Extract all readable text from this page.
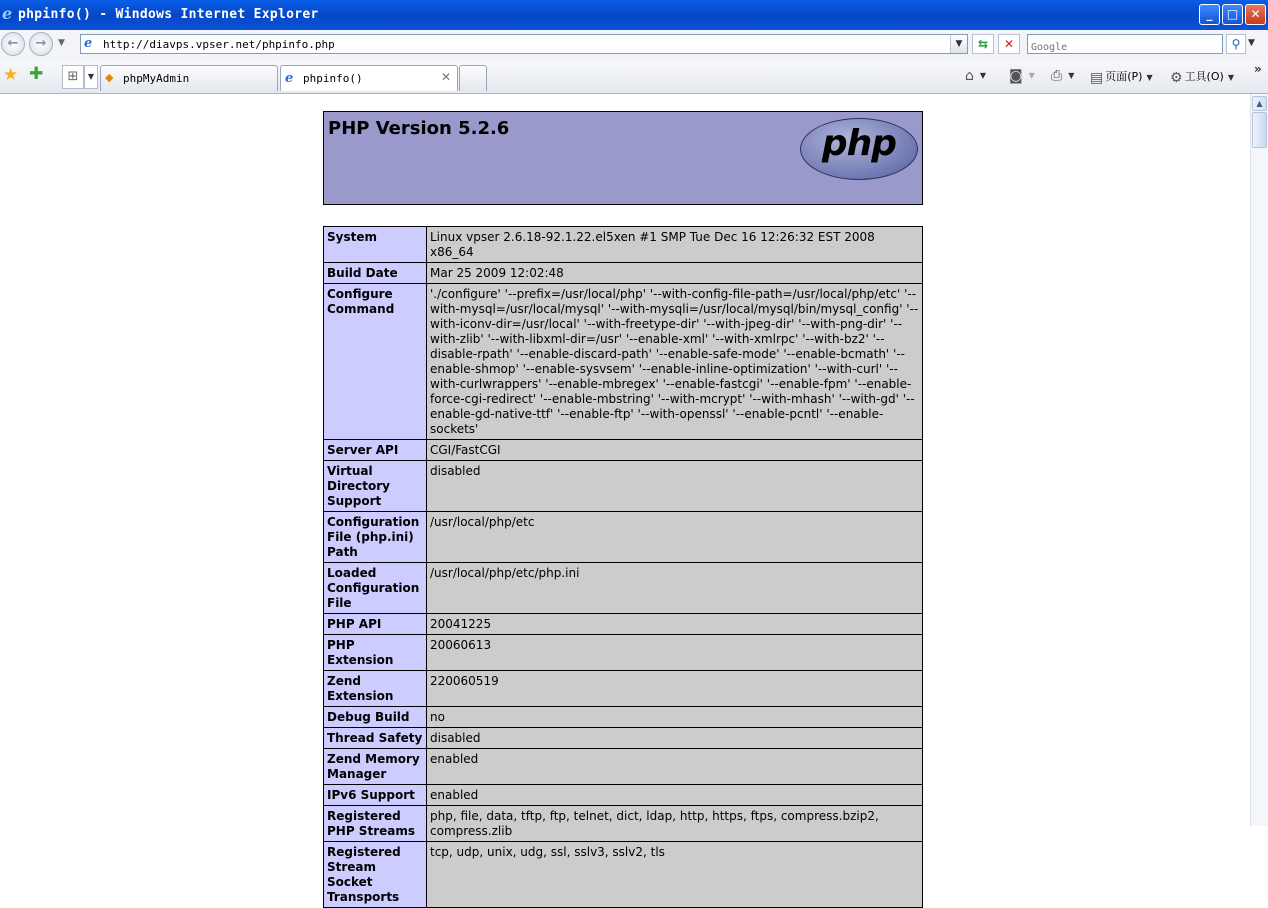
e phpinfo() - Windows Internet Explorer	_	□	✕
←	→	▼ e http://diavps.vpser.net/phpinfo.php	▼	⇆	✕
Google	⚲ ▼
★ ✚	⊞	▼ ◆ phpMyAdmin	e phpinfo()	✕	⌂ ▼ ◙ ▼ ⎙ ▼ ▤ 页面(P) ▼ ⚙ 工具(O) ▼
»
PHP Version 5.2.6	php
System	Linux vpser 2.6.18-92.1.22.el5xen #1 SMP Tue Dec 16 12:26:32 EST 2008 x86_64
Build Date	Mar 25 2009 12:02:48
Configure Command	'./configure' '--prefix=/usr/local/php' '--with-config-file-path=/usr/local/php/etc' '--with-mysql=/usr/local/mysql' '--with-mysqli=/usr/local/mysql/bin/mysql_config' '--with-iconv-dir=/usr/local' '--with-freetype-dir' '--with-jpeg-dir' '--with-png-dir' '--with-zlib' '--with-libxml-dir=/usr' '--enable-xml' '--with-xmlrpc' '--with-bz2' '--disable-rpath' '--enable-discard-path' '--enable-safe-mode' '--enable-bcmath' '--enable-shmop' '--enable-sysvsem' '--enable-inline-optimization' '--with-curl' '--with-curlwrappers' '--enable-mbregex' '--enable-fastcgi' '--enable-fpm' '--enable-force-cgi-redirect' '--enable-mbstring' '--with-mcrypt' '--with-mhash' '--with-gd' '--enable-gd-native-ttf' '--enable-ftp' '--with-openssl' '--enable-pcntl' '--enable-sockets'
Server API	CGI/FastCGI
Virtual Directory Support	disabled
Configuration File (php.ini) Path	/usr/local/php/etc
Loaded Configuration File	/usr/local/php/etc/php.ini
PHP API	20041225
PHP Extension	20060613
Zend Extension	220060519
Debug Build	no
Thread Safety	disabled
Zend Memory Manager	enabled
IPv6 Support	enabled
Registered PHP Streams	php, file, data, tftp, ftp, telnet, dict, ldap, http, https, ftps, compress.bzip2, compress.zlib
Registered Stream Socket Transports	tcp, udp, unix, udg, ssl, sslv3, sslv2, tls
▲
